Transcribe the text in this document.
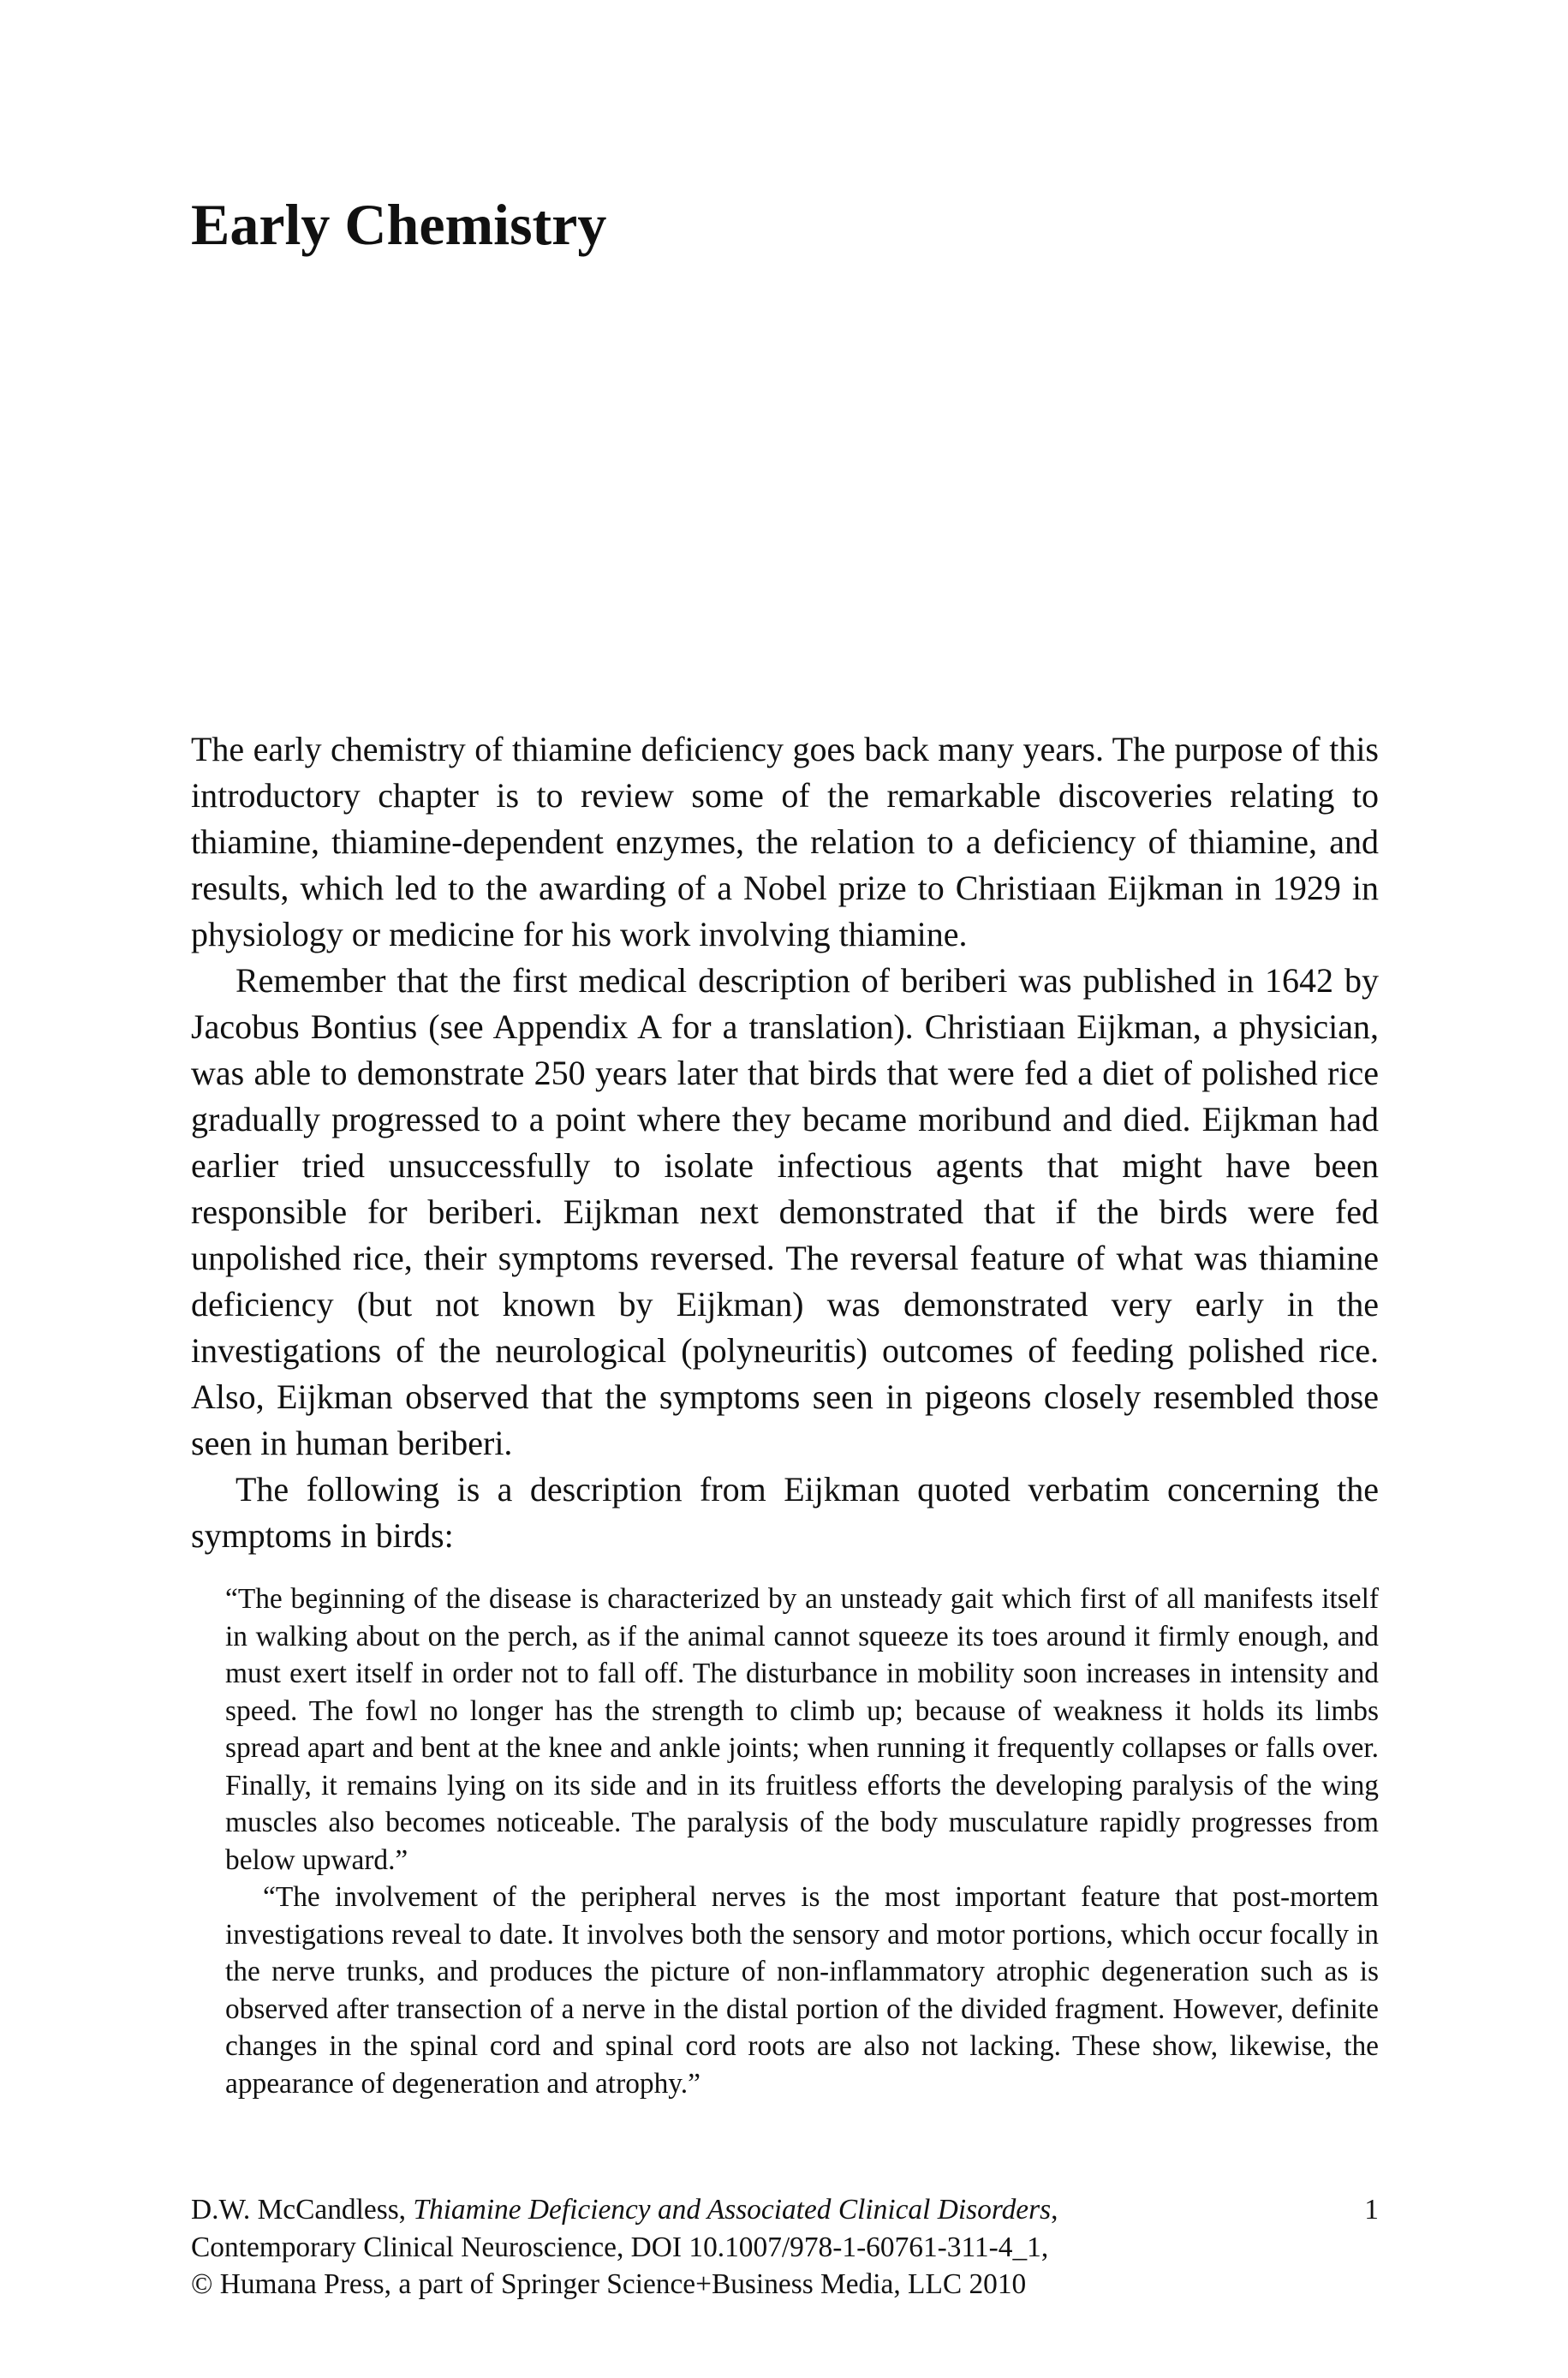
Early Chemistry

The early chemistry of thiamine deficiency goes back many years. The purpose of this introductory chapter is to review some of the remarkable discoveries relating to thiamine, thiamine-dependent enzymes, the relation to a deficiency of thiamine, and results, which led to the awarding of a Nobel prize to Christiaan Eijkman in 1929 in physiology or medicine for his work involving thiamine.

Remember that the first medical description of beriberi was published in 1642 by Jacobus Bontius (see Appendix A for a translation). Christiaan Eijkman, a physician, was able to demonstrate 250 years later that birds that were fed a diet of polished rice gradually progressed to a point where they became moribund and died. Eijkman had earlier tried unsuccessfully to isolate infectious agents that might have been responsible for beriberi. Eijkman next demonstrated that if the birds were fed unpolished rice, their symptoms reversed. The reversal feature of what was thiamine deficiency (but not known by Eijkman) was demonstrated very early in the investigations of the neurological (polyneuritis) outcomes of feeding polished rice. Also, Eijkman observed that the symptoms seen in pigeons closely resembled those seen in human beriberi.

The following is a description from Eijkman quoted verbatim concerning the symptoms in birds:

“The beginning of the disease is characterized by an unsteady gait which first of all manifests itself in walking about on the perch, as if the animal cannot squeeze its toes around it firmly enough, and must exert itself in order not to fall off. The disturbance in mobility soon increases in intensity and speed. The fowl no longer has the strength to climb up; because of weakness it holds its limbs spread apart and bent at the knee and ankle joints; when running it frequently collapses or falls over. Finally, it remains lying on its side and in its fruitless efforts the developing paralysis of the wing muscles also becomes noticeable. The paralysis of the body musculature rapidly progresses from below upward.”

“The involvement of the peripheral nerves is the most important feature that post-mortem investigations reveal to date. It involves both the sensory and motor portions, which occur focally in the nerve trunks, and produces the picture of non-inflammatory atrophic degeneration such as is observed after transection of a nerve in the distal portion of the divided fragment. However, definite changes in the spinal cord and spinal cord roots are also not lacking. These show, likewise, the appearance of degeneration and atrophy.”

D.W. McCandless, Thiamine Deficiency and Associated Clinical Disorders,
Contemporary Clinical Neuroscience, DOI 10.1007/978-1-60761-311-4_1,
© Humana Press, a part of Springer Science+Business Media, LLC 2010
1
